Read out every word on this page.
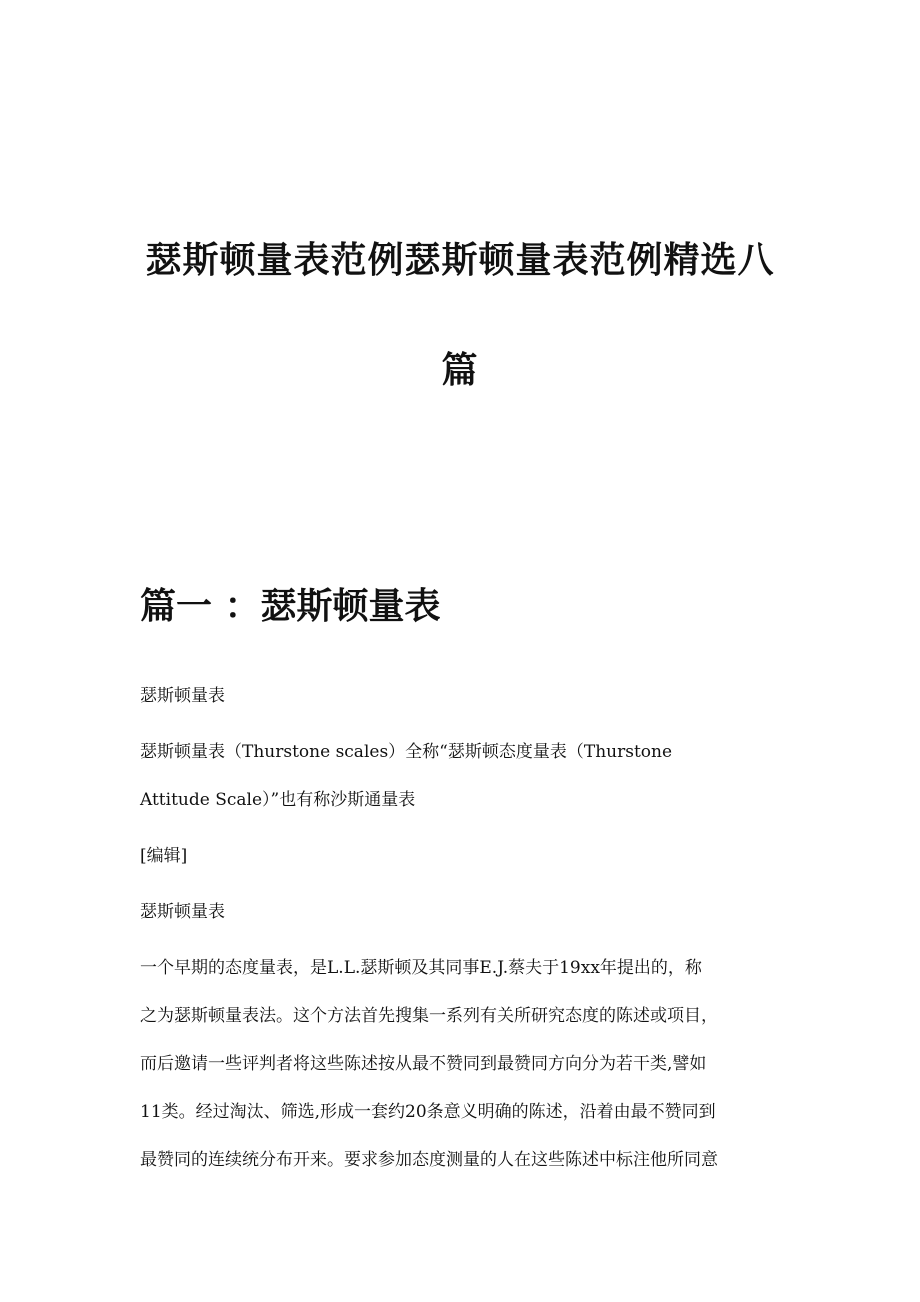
瑟斯顿量表范例瑟斯顿量表范例精选八篇
篇一 ：瑟斯顿量表

瑟斯顿量表

瑟斯顿量表（Thurstone scales）全称“瑟斯顿态度量表（Thurstone
Attitude Scale）”也有称沙斯通量表

[编辑]

瑟斯顿量表

一个早期的态度量表，是L.L.瑟斯顿及其同事E.J.蔡夫于19xx年提出的，称
之为瑟斯顿量表法。这个方法首先搜集一系列有关所研究态度的陈述或项目，
而后邀请一些评判者将这些陈述按从最不赞同到最赞同方向分为若干类,譬如
11类。经过淘汰、筛选,形成一套约20条意义明确的陈述，沿着由最不赞同到
最赞同的连续统分布开来。要求参加态度测量的人在这些陈述中标注他所同意
